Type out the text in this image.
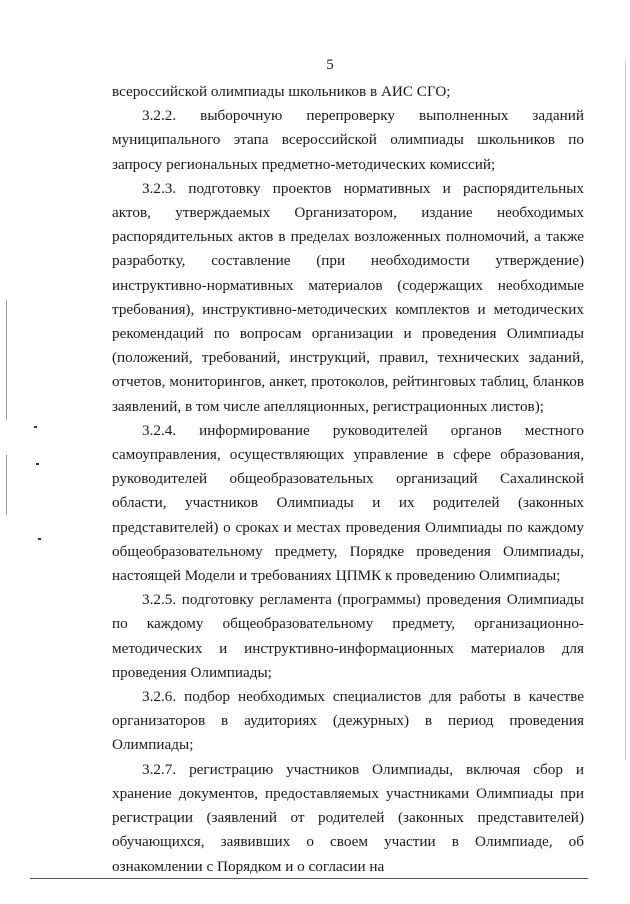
5

всероссийской олимпиады школьников в АИС СГО;

3.2.2. выборочную перепроверку выполненных заданий муниципального этапа всероссийской олимпиады школьников по запросу региональных предметно-методических комиссий;

3.2.3. подготовку проектов нормативных и распорядительных актов, утверждаемых Организатором, издание необходимых распорядительных актов в пределах возложенных полномочий, а также разработку, составление (при необходимости утверждение) инструктивно-нормативных материалов (содержащих необходимые требования), инструктивно-методических комплектов и методических рекомендаций по вопросам организации и проведения Олимпиады (положений, требований, инструкций, правил, технических заданий, отчетов, мониторингов, анкет, протоколов, рейтинговых таблиц, бланков заявлений, в том числе апелляционных, регистрационных листов);

3.2.4. информирование руководителей органов местного самоуправления, осуществляющих управление в сфере образования, руководителей общеобразовательных организаций Сахалинской области, участников Олимпиады и их родителей (законных представителей) о сроках и местах проведения Олимпиады по каждому общеобразовательному предмету, Порядке проведения Олимпиады, настоящей Модели и требованиях ЦПМК к проведению Олимпиады;

3.2.5. подготовку регламента (программы) проведения Олимпиады по каждому общеобразовательному предмету, организационно-методических и инструктивно-информационных материалов для проведения Олимпиады;

3.2.6. подбор необходимых специалистов для работы в качестве организаторов в аудиториях (дежурных) в период проведения Олимпиады;

3.2.7. регистрацию участников Олимпиады, включая сбор и хранение документов, предоставляемых участниками Олимпиады при регистрации (заявлений от родителей (законных представителей) обучающихся, заявивших о своем участии в Олимпиаде, об ознакомлении с Порядком и о согласии на
